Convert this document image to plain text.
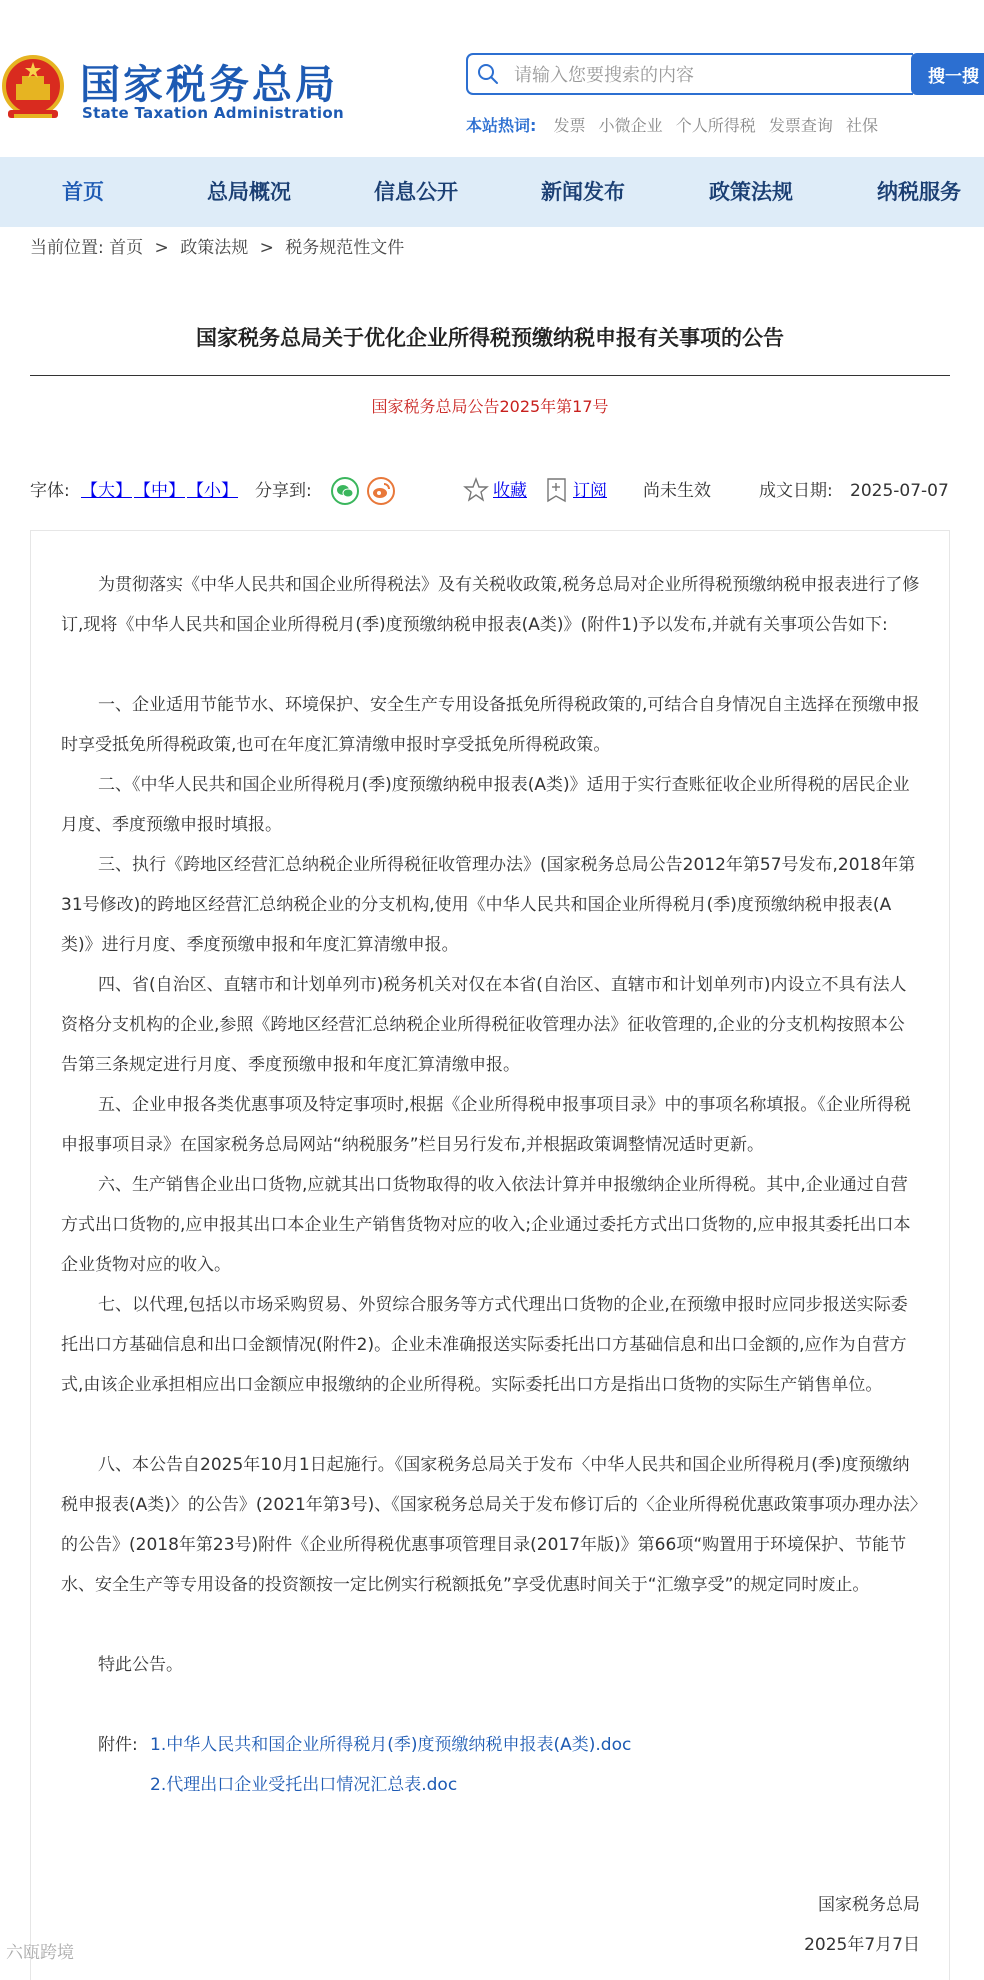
国家税务总局
State Taxation Administration
请输入您要搜索的内容
搜一搜
本站热词: 发票 小微企业 个人所得税 发票查询 社保
首页	总局概况	信息公开	新闻发布	政策法规	纳税服务
当前位置: 首页 > 政策法规 > 税务规范性文件
国家税务总局关于优化企业所得税预缴纳税申报有关事项的公告
国家税务总局公告2025年第17号
字体: 【大】 【中】 【小】 分享到:	收藏	订阅 尚未生效	成文日期: 2025-07-07

为贯彻落实《中华人民共和国企业所得税法》及有关税收政策,税务总局对企业所得税预缴纳税申报表进行了修订,现将《中华人民共和国企业所得税月(季)度预缴纳税申报表(A类)》(附件1)予以发布,并就有关事项公告如下:

一、企业适用节能节水、环境保护、安全生产专用设备抵免所得税政策的,可结合自身情况自主选择在预缴申报时享受抵免所得税政策,也可在年度汇算清缴申报时享受抵免所得税政策。

二、《中华人民共和国企业所得税月(季)度预缴纳税申报表(A类)》适用于实行查账征收企业所得税的居民企业月度、季度预缴申报时填报。

三、执行《跨地区经营汇总纳税企业所得税征收管理办法》(国家税务总局公告2012年第57号发布,2018年第31号修改)的跨地区经营汇总纳税企业的分支机构,使用《中华人民共和国企业所得税月(季)度预缴纳税申报表(A类)》进行月度、季度预缴申报和年度汇算清缴申报。

四、省(自治区、直辖市和计划单列市)税务机关对仅在本省(自治区、直辖市和计划单列市)内设立不具有法人资格分支机构的企业,参照《跨地区经营汇总纳税企业所得税征收管理办法》征收管理的,企业的分支机构按照本公告第三条规定进行月度、季度预缴申报和年度汇算清缴申报。

五、企业申报各类优惠事项及特定事项时,根据《企业所得税申报事项目录》中的事项名称填报。《企业所得税申报事项目录》在国家税务总局网站“纳税服务”栏目另行发布,并根据政策调整情况适时更新。

六、生产销售企业出口货物,应就其出口货物取得的收入依法计算并申报缴纳企业所得税。其中,企业通过自营方式出口货物的,应申报其出口本企业生产销售货物对应的收入;企业通过委托方式出口货物的,应申报其委托出口本企业货物对应的收入。

七、以代理,包括以市场采购贸易、外贸综合服务等方式代理出口货物的企业,在预缴申报时应同步报送实际委托出口方基础信息和出口金额情况(附件2)。企业未准确报送实际委托出口方基础信息和出口金额的,应作为自营方式,由该企业承担相应出口金额应申报缴纳的企业所得税。实际委托出口方是指出口货物的实际生产销售单位。

八、本公告自2025年10月1日起施行。《国家税务总局关于发布〈中华人民共和国企业所得税月(季)度预缴纳税申报表(A类)〉的公告》(2021年第3号)、《国家税务总局关于发布修订后的〈企业所得税优惠政策事项办理办法〉的公告》(2018年第23号)附件《企业所得税优惠事项管理目录(2017年版)》第66项“购置用于环境保护、节能节水、安全生产等专用设备的投资额按一定比例实行税额抵免”享受优惠时间关于“汇缴享受”的规定同时废止。

特此公告。

附件: 1.中华人民共和国企业所得税月(季)度预缴纳税申报表(A类).doc
2.代理出口企业受托出口情况汇总表.doc
国家税务总局
2025年7月7日
六瓯跨境
